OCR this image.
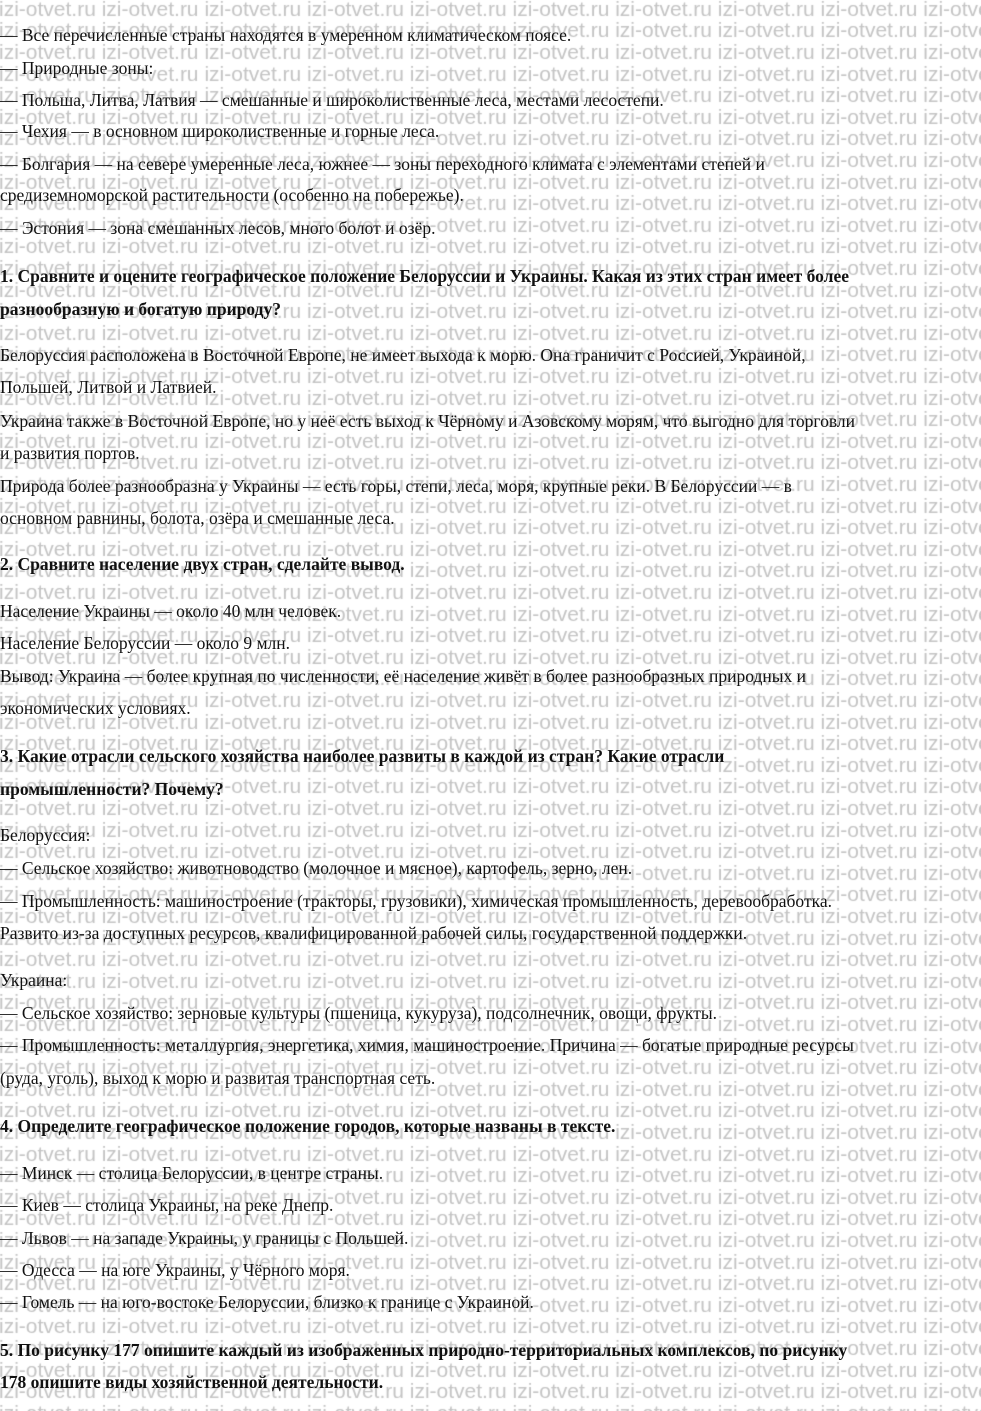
— Все перечисленные страны находятся в умеренном климатическом поясе.
— Природные зоны:
— Польша, Литва, Латвия — смешанные и широколиственные леса, местами лесостепи.
— Чехия — в основном широколиственные и горные леса.
— Болгария — на севере умеренные леса, южнее — зоны переходного климата с элементами степей и
средиземноморской растительности (особенно на побережье).
— Эстония — зона смешанных лесов, много болот и озёр.
1. Сравните и оцените географическое положение Белоруссии и Украины. Какая из этих стран имеет более
разнообразную и богатую природу?
Белоруссия расположена в Восточной Европе, не имеет выхода к морю. Она граничит с Россией, Украиной,
Польшей, Литвой и Латвией.
Украина также в Восточной Европе, но у неё есть выход к Чёрному и Азовскому морям, что выгодно для торговли
и развития портов.
Природа более разнообразна у Украины — есть горы, степи, леса, моря, крупные реки. В Белоруссии — в
основном равнины, болота, озёра и смешанные леса.
2. Сравните население двух стран, сделайте вывод.
Население Украины — около 40 млн человек.
Население Белоруссии — около 9 млн.
Вывод: Украина — более крупная по численности, её население живёт в более разнообразных природных и
экономических условиях.
3. Какие отрасли сельского хозяйства наиболее развиты в каждой из стран? Какие отрасли
промышленности? Почему?
Белоруссия:
— Сельское хозяйство: животноводство (молочное и мясное), картофель, зерно, лен.
— Промышленность: машиностроение (тракторы, грузовики), химическая промышленность, деревообработка.
Развито из-за доступных ресурсов, квалифицированной рабочей силы, государственной поддержки.
Украина:
— Сельское хозяйство: зерновые культуры (пшеница, кукуруза), подсолнечник, овощи, фрукты.
— Промышленность: металлургия, энергетика, химия, машиностроение. Причина — богатые природные ресурсы
(руда, уголь), выход к морю и развитая транспортная сеть.
4. Определите географическое положение городов, которые названы в тексте.
— Минск — столица Белоруссии, в центре страны.
— Киев — столица Украины, на реке Днепр.
— Львов — на западе Украины, у границы с Польшей.
— Одесса — на юге Украины, у Чёрного моря.
— Гомель — на юго-востоке Белоруссии, близко к границе с Украиной.
5. По рисунку 177 опишите каждый из изображенных природно-территориальных комплексов, по рисунку
178 опишите виды хозяйственной деятельности.
